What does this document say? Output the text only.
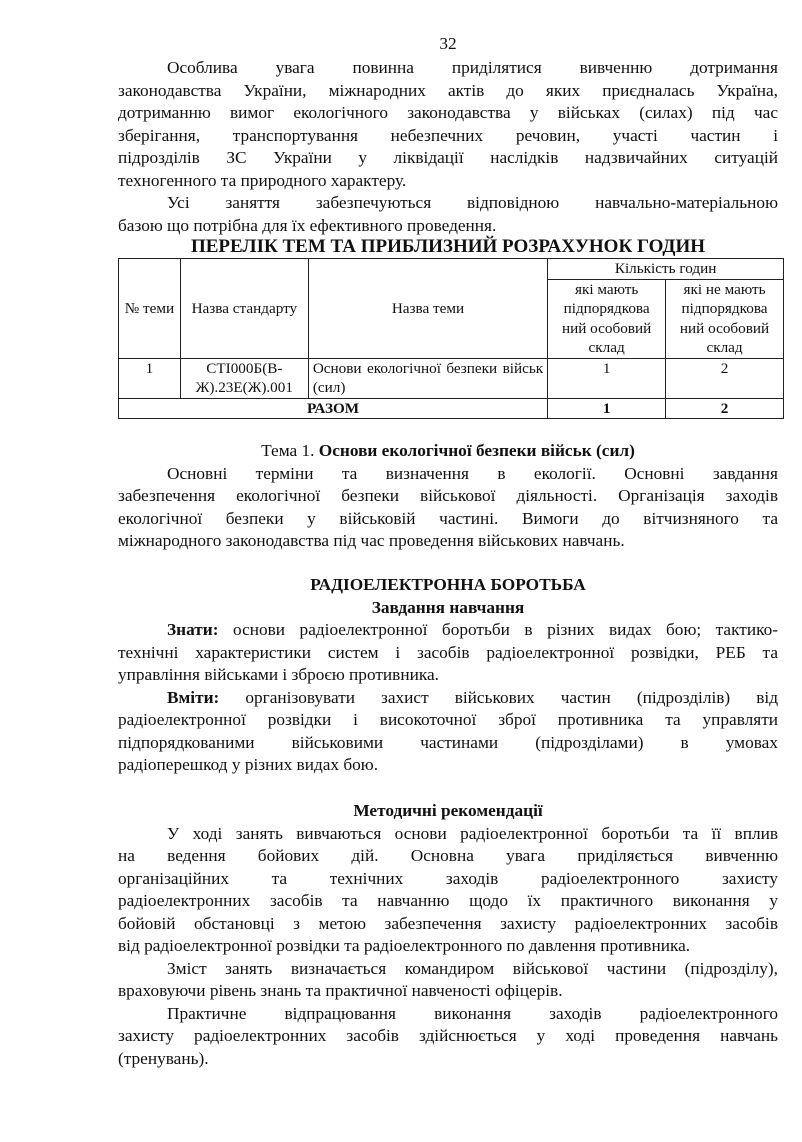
32

Особлива увага повинна приділятися вивченню дотримання

законодавства України, міжнародних актів до яких приєдналась Україна,

дотриманню вимог екологічного законодавства у військах (силах) під час

зберігання, транспортування небезпечних речовин, участі частин і

підрозділів ЗС України у ліквідації наслідків надзвичайних ситуацій

техногенного та природного характеру.

Усі заняття забезпечуються відповідною навчально-матеріальною

базою що потрібна для їх ефективного проведення.

ПЕРЕЛІК ТЕМ ТА ПРИБЛИЗНИЙ РОЗРАХУНОК ГОДИН
№ теми	Назва стандарту	Назва теми	Кількість годин	
			які мають підпорядкова ний особовий склад	які не мають підпорядкова ний особовий склад
1	СТІ000Б(В-Ж).23Е(Ж).001	Основи екологічної безпеки військ (сил)	1	2
РАЗОМ			1	2

Тема 1. Основи екологічної безпеки військ (сил)

Основні терміни та визначення в екології. Основні завдання

забезпечення екологічної безпеки військової діяльності. Організація заходів

екологічної безпеки у військовій частині. Вимоги до вітчизняного та

міжнародного законодавства під час проведення військових навчань.

РАДІОЕЛЕКТРОННА БОРОТЬБА

Завдання навчання

Знати: основи радіоелектронної боротьби в різних видах бою; тактико-

технічні характеристики систем і засобів радіоелектронної розвідки, РЕБ та

управління військами і зброєю противника.

Вміти: організовувати захист військових частин (підрозділів) від

радіоелектронної розвідки і високоточної зброї противника та управляти

підпорядкованими військовими частинами (підрозділами) в умовах

радіоперешкод у різних видах бою.

Методичні рекомендації

У ході занять вивчаються основи радіоелектронної боротьби та її вплив

на ведення бойових дій. Основна увага приділяється вивченню

організаційних та технічних заходів радіоелектронного захисту

радіоелектронних засобів та навчанню щодо їх практичного виконання у

бойовій обстановці з метою забезпечення захисту радіоелектронних засобів

від радіоелектронної розвідки та радіоелектронного по давлення противника.

Зміст занять визначається командиром військової частини (підрозділу),

враховуючи рівень знань та практичної навченості офіцерів.

Практичне відпрацювання виконання заходів радіоелектронного

захисту радіоелектронних засобів здійснюється у ході проведення навчань

(тренувань).
